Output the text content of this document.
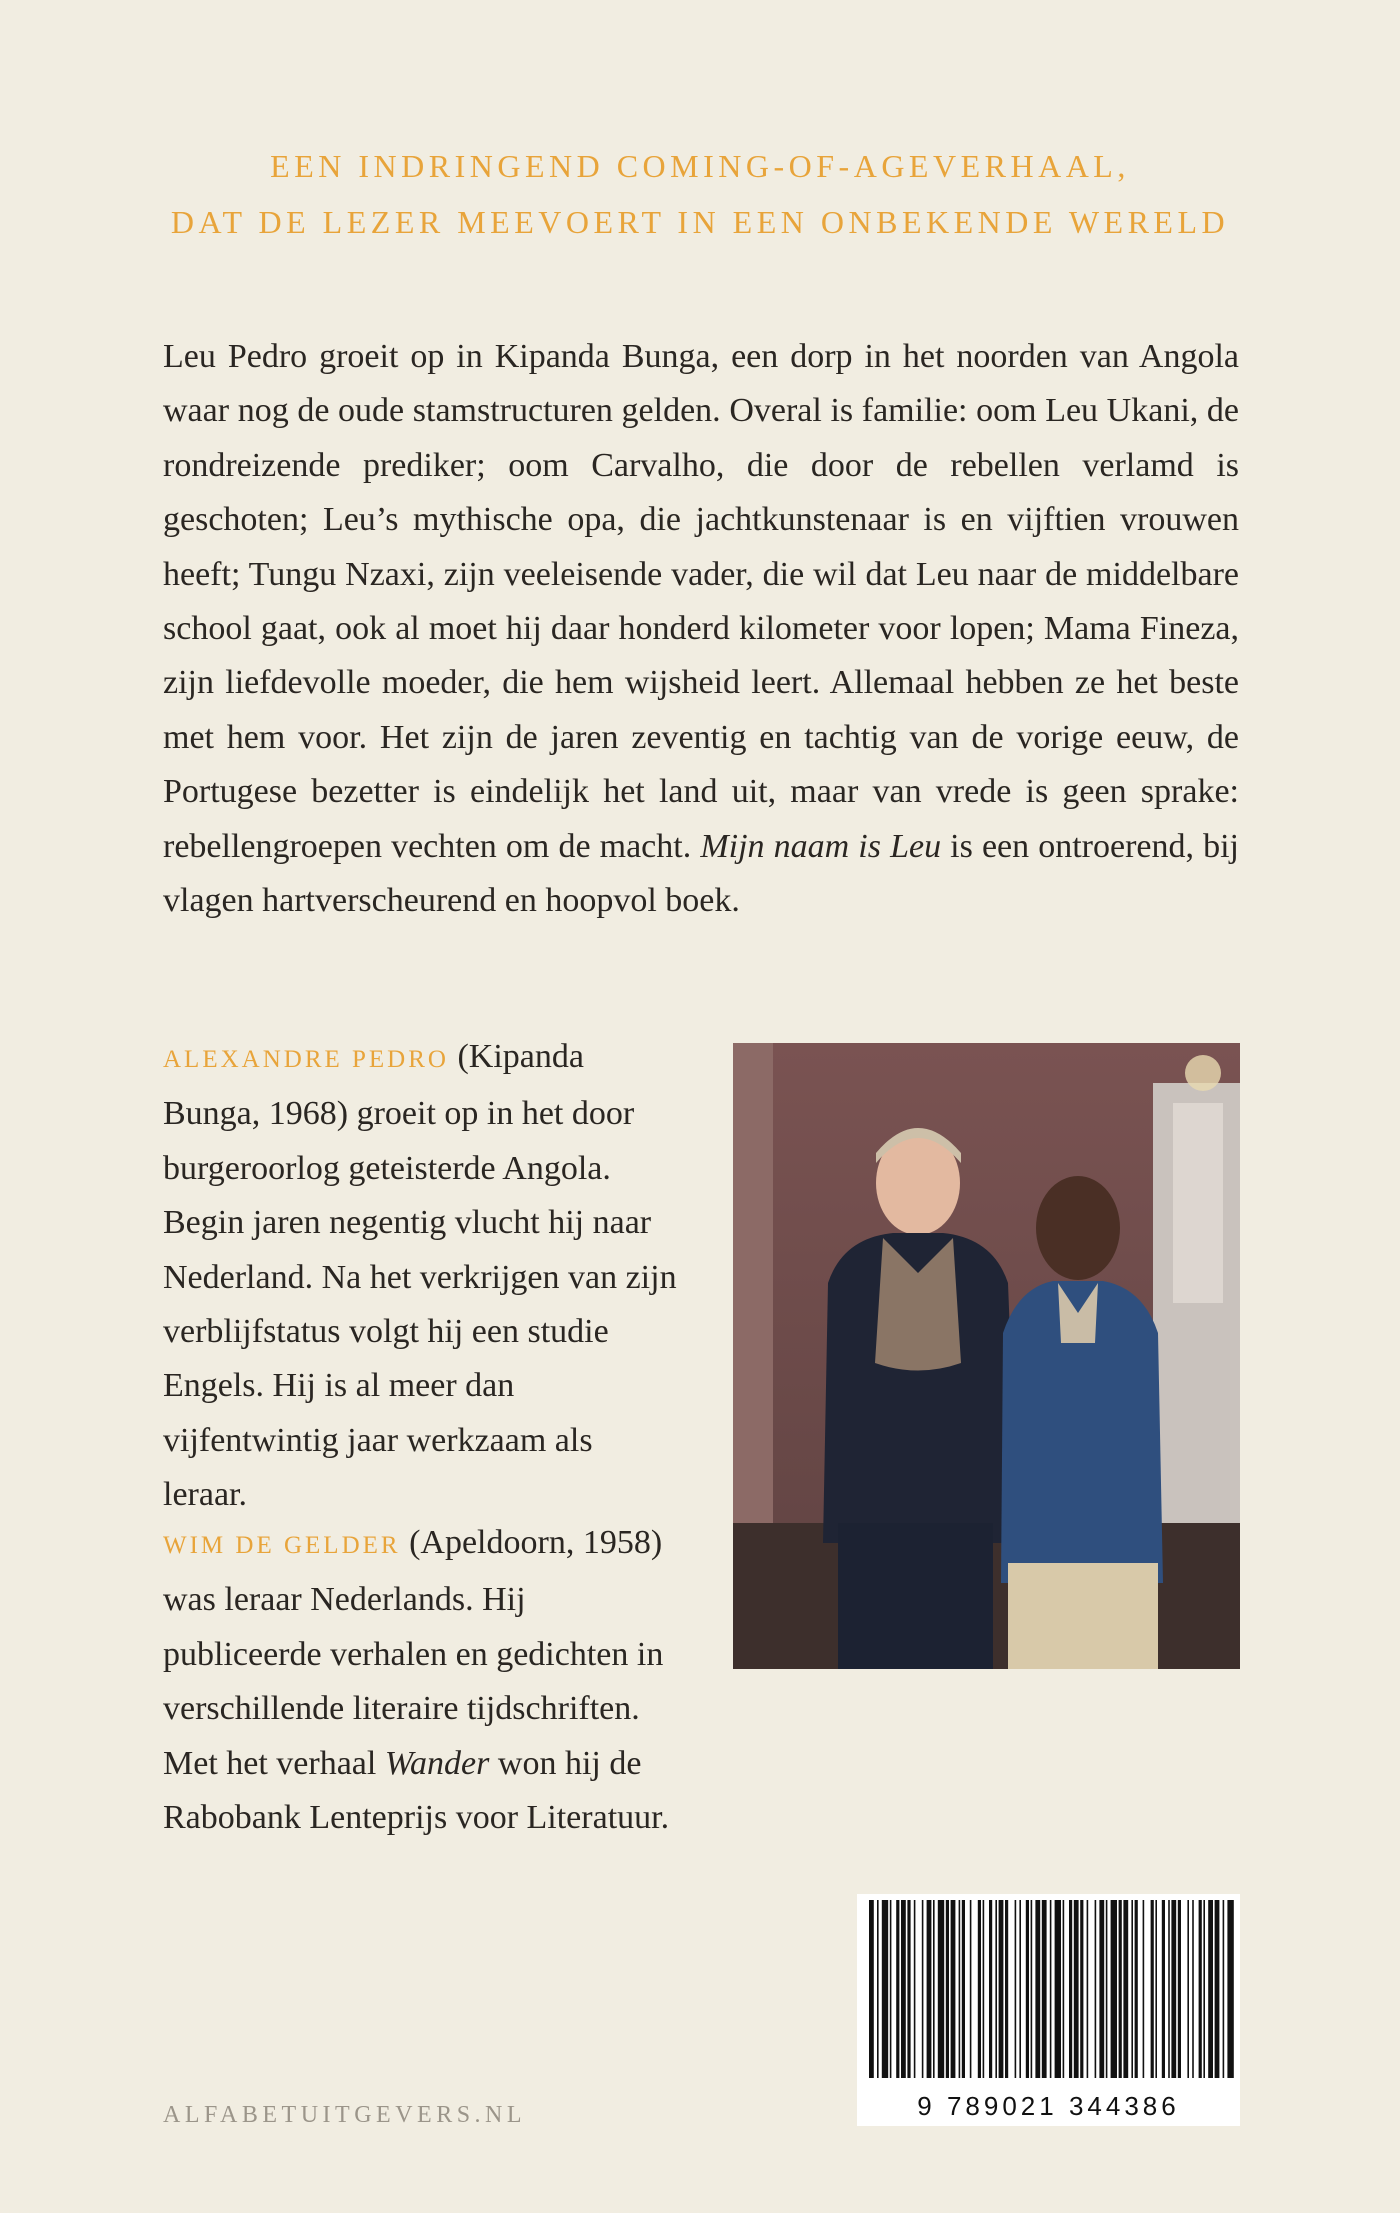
EEN INDRINGEND COMING-OF-AGEVERHAAL,
DAT DE LEZER MEEVOERT IN EEN ONBEKENDE WERELD
Leu Pedro groeit op in Kipanda Bunga, een dorp in het noorden van Angola waar nog de oude stamstructuren gelden. Overal is familie: oom Leu Ukani, de rondreizende prediker; oom Carvalho, die door de rebellen verlamd is geschoten; Leu’s mythische opa, die jachtkunstenaar is en vijftien vrouwen heeft; Tungu Nzaxi, zijn veeleisende vader, die wil dat Leu naar de middelbare school gaat, ook al moet hij daar honderd kilometer voor lopen; Mama Fineza, zijn liefdevolle moeder, die hem wijsheid leert. Allemaal hebben ze het beste met hem voor. Het zijn de jaren zeventig en tachtig van de vorige eeuw, de Portugese bezetter is eindelijk het land uit, maar van vrede is geen sprake: rebellengroepen vechten om de macht. Mijn naam is Leu is een ontroerend, bij vlagen hartverscheurend en hoopvol boek.
ALEXANDRE PEDRO (Kipanda Bunga, 1968) groeit op in het door burgeroorlog geteisterde Angola. Begin jaren negentig vlucht hij naar Nederland. Na het verkrijgen van zijn verblijfstatus volgt hij een studie Engels. Hij is al meer dan vijfentwintig jaar werkzaam als leraar.
WIM DE GELDER (Apeldoorn, 1958) was leraar Nederlands. Hij publiceerde verhalen en gedichten in verschillende literaire tijdschriften. Met het verhaal Wander won hij de Rabobank Lenteprijs voor Literatuur.
9 789021 344386
ALFABETUITGEVERS.NL
